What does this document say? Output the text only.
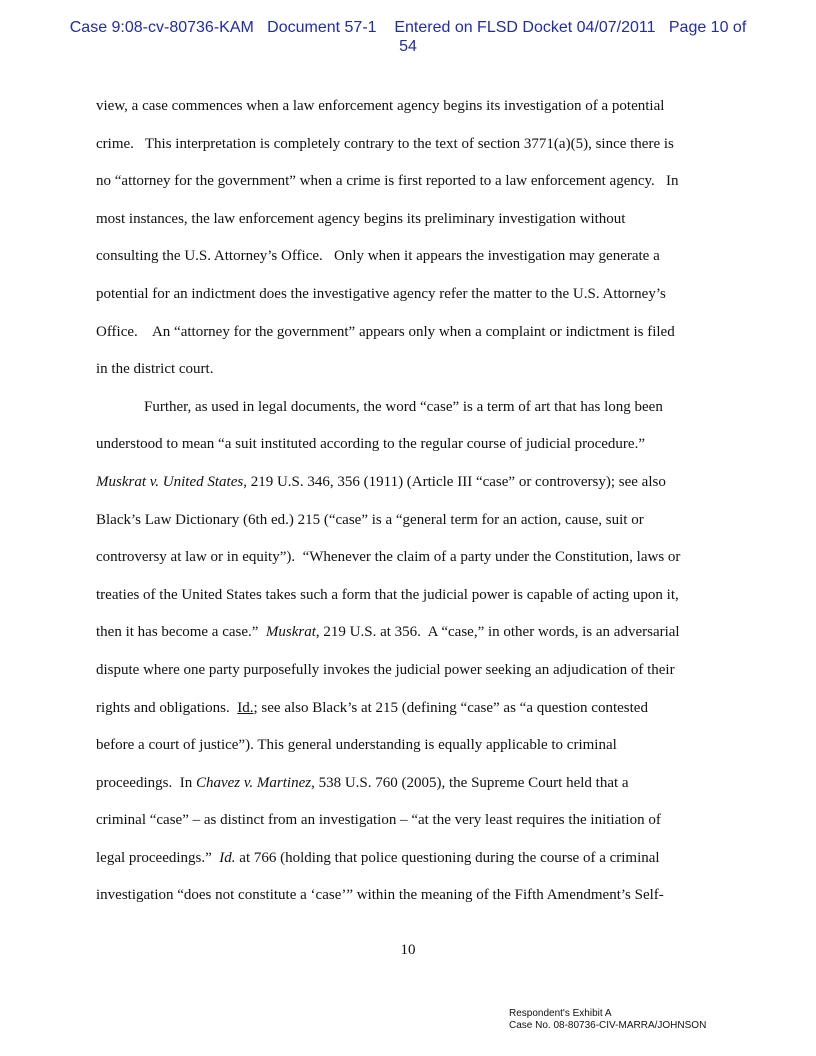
Case 9:08-cv-80736-KAM   Document 57-1    Entered on FLSD Docket 04/07/2011   Page 10 of
54
view, a case commences when a law enforcement agency begins its investigation of a potential
crime.   This interpretation is completely contrary to the text of section 3771(a)(5), since there is
no “attorney for the government” when a crime is first reported to a law enforcement agency.   In
most instances, the law enforcement agency begins its preliminary investigation without
consulting the U.S. Attorney’s Office.   Only when it appears the investigation may generate a
potential for an indictment does the investigative agency refer the matter to the U.S. Attorney’s
Office.    An “attorney for the government” appears only when a complaint or indictment is filed
in the district court.
Further, as used in legal documents, the word “case” is a term of art that has long been
understood to mean “a suit instituted according to the regular course of judicial procedure.”
Muskrat v. United States, 219 U.S. 346, 356 (1911) (Article III “case” or controversy); see also
Black’s Law Dictionary (6th ed.) 215 (“case” is a “general term for an action, cause, suit or
controversy at law or in equity”).  “Whenever the claim of a party under the Constitution, laws or
treaties of the United States takes such a form that the judicial power is capable of acting upon it,
then it has become a case.”  Muskrat, 219 U.S. at 356.  A “case,” in other words, is an adversarial
dispute where one party purposefully invokes the judicial power seeking an adjudication of their
rights and obligations.  Id.; see also Black’s at 215 (defining “case” as “a question contested
before a court of justice”). This general understanding is equally applicable to criminal
proceedings.  In Chavez v. Martinez, 538 U.S. 760 (2005), the Supreme Court held that a
criminal “case” – as distinct from an investigation – “at the very least requires the initiation of
legal proceedings.”  Id. at 766 (holding that police questioning during the course of a criminal
investigation “does not constitute a ‘case’” within the meaning of the Fifth Amendment’s Self-
10
Respondent's Exhibit A
Case No. 08-80736-CIV-MARRA/JOHNSON
